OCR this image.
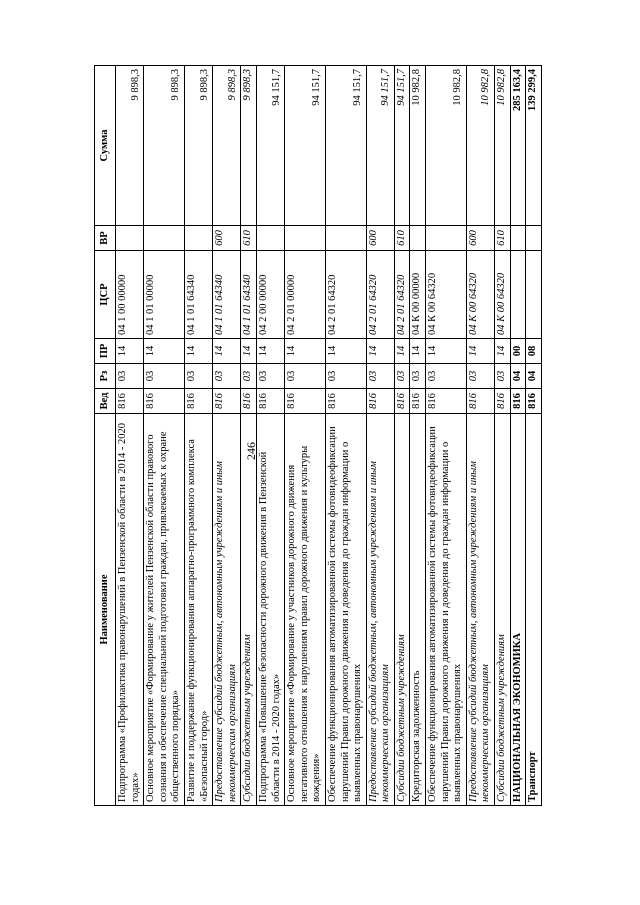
246
Наименование	Вед	Рз	ПР	ЦСР	ВР	Сумма
Подпрограмма «Профилактика правонарушений в Пензенской области в 2014 - 2020 годах»	816	03	14	04 1 00 00000		9 898,3
Основное мероприятие «Формирование у жителей Пензенской области правового сознания и обеспечение специальной подготовки граждан, привлекаемых к охране общественного порядка»	816	03	14	04 1 01 00000		9 898,3
Развитие и поддержание функционирования аппаратно-программного комплекса «Безопасный город»	816	03	14	04 1 01 64340		9 898,3
Предоставление субсидий бюджетным, автономным учреждениям и иным некоммерческим организациям	816	03	14	04 1 01 64340	600	9 898,3
Субсидии бюджетным учреждениям	816	03	14	04 1 01 64340	610	9 898,3
Подпрограмма «Повышение безопасности дорожного движения в Пензенской области в 2014 - 2020 годах»	816	03	14	04 2 00 00000		94 151,7
Основное мероприятие «Формирование у участников дорожного движения негативного отношения к нарушениям правил дорожного движения и культуры вождения»	816	03	14	04 2 01 00000		94 151,7
Обеспечение функционирования автоматизированной системы фотовидеофиксации нарушений Правил дорожного движения и доведения до граждан информации о выявленных правонарушениях	816	03	14	04 2 01 64320		94 151,7
Предоставление субсидий бюджетным, автономным учреждениям и иным некоммерческим организациям	816	03	14	04 2 01 64320	600	94 151,7
Субсидии бюджетным учреждениям	816	03	14	04 2 01 64320	610	94 151,7
Кредиторская задолженность	816	03	14	04 К 00 00000		10 982,8
Обеспечение функционирования автоматизированной системы фотовидеофиксации нарушений Правил дорожного движения и доведения до граждан информации о выявленных правонарушениях	816	03	14	04 К 00 64320		10 982,8
Предоставление субсидий бюджетным, автономным учреждениям и иным некоммерческим организациям	816	03	14	04 К 00 64320	600	10 982,8
Субсидии бюджетным учреждениям	816	03	14	04 К 00 64320	610	10 982,8
НАЦИОНАЛЬНАЯ ЭКОНОМИКА	816	04	00			285 163,4
Транспорт	816	04	08			139 299,4
